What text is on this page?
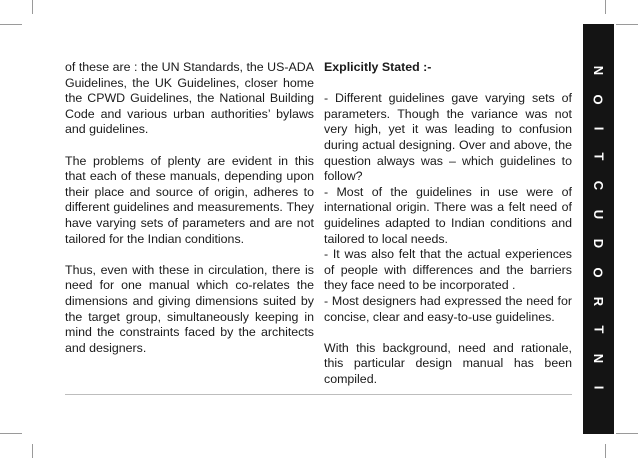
of these are : the UN Standards, the US-ADA Guidelines, the UK Guidelines, closer home the CPWD Guidelines, the National Building Code and various urban authorities’ bylaws and guidelines.

The problems of plenty are evident in this that each of these manuals, depending upon their place and source of origin, adheres to different guidelines and measurements. They have varying sets of parameters and are not tailored for the Indian conditions.

Thus, even with these in circulation, there is need for one manual which co-relates the dimensions and giving dimensions suited by the target group, simultaneously keeping in mind the constraints faced by the architects and designers.

Explicitly Stated :-

- Different guidelines gave varying sets of parameters. Though the variance was not very high, yet it was leading to confusion during actual designing. Over and above, the question always was – which guidelines to follow?

- Most of the guidelines in use were of international origin. There was a felt need of guidelines adapted to Indian conditions and tailored to local needs.

- It was also felt that the actual experiences of people with differences and the barriers they face need to be incorporated .

- Most designers had expressed the need for concise, clear and easy-to-use guidelines.

With this background, need and rationale, this particular design manual has been compiled.

N
O
I
T
C
U
D
O
R
T
N
I
